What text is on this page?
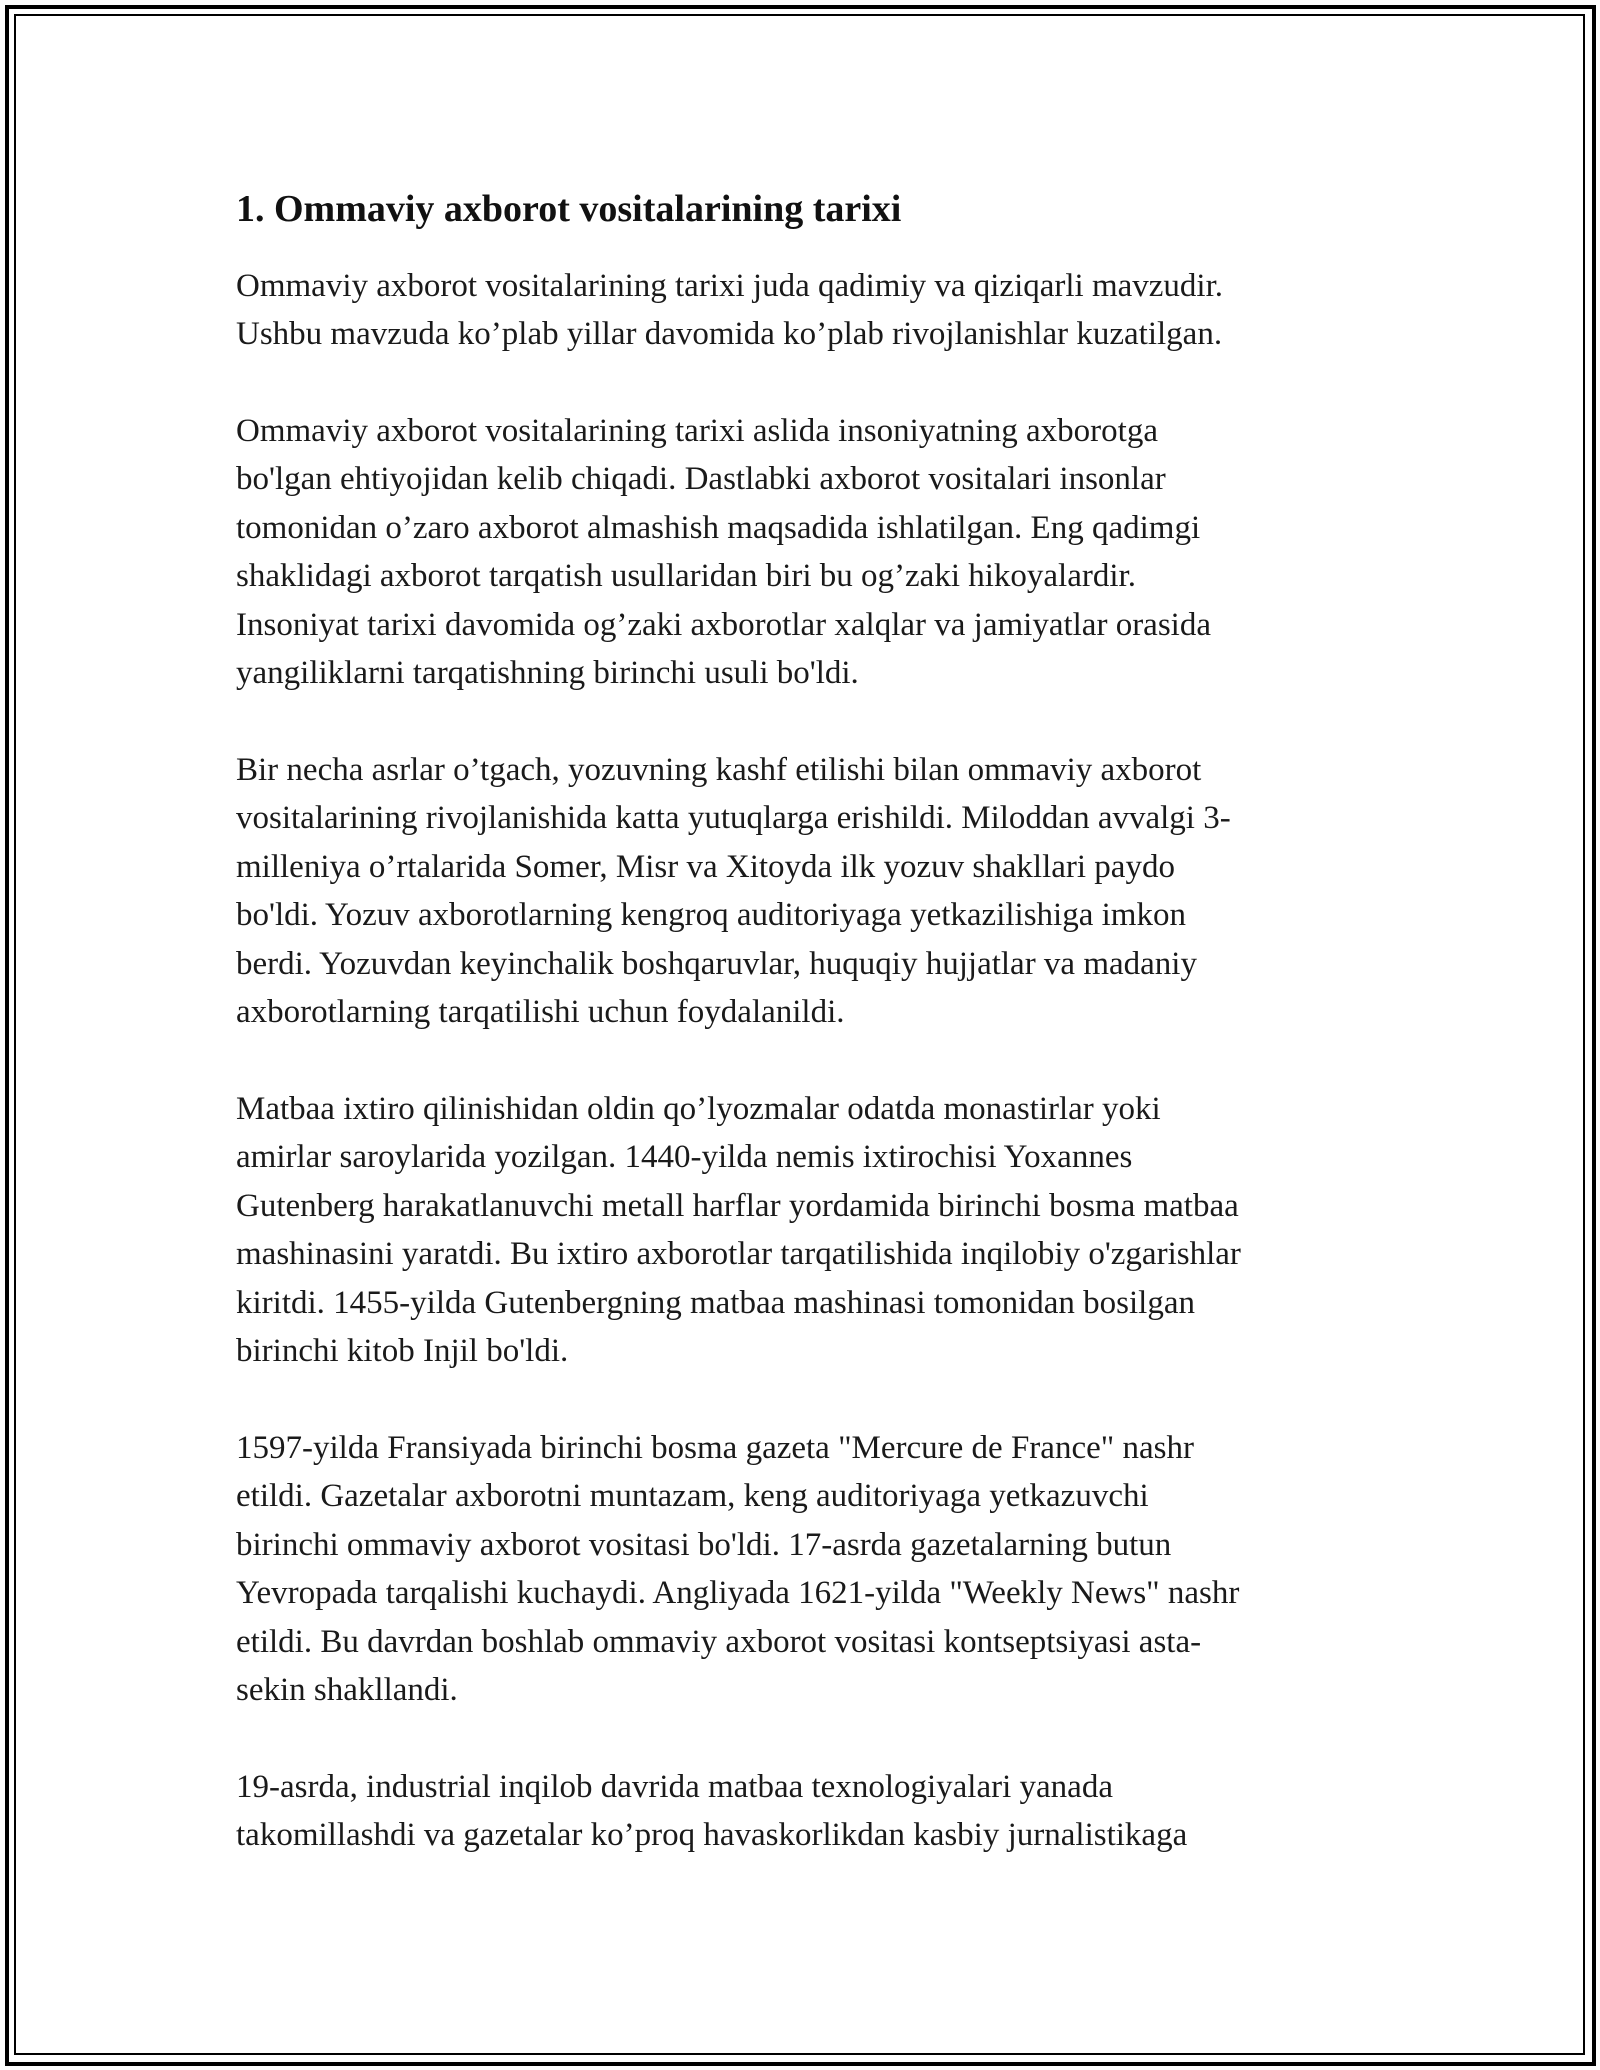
1. Ommaviy axborot vositalarining tarixi
Ommaviy axborot vositalarining tarixi juda qadimiy va qiziqarli mavzudir.
Ushbu mavzuda ko’plab yillar davomida ko’plab rivojlanishlar kuzatilgan.
Ommaviy axborot vositalarining tarixi aslida insoniyatning axborotga
bo'lgan ehtiyojidan kelib chiqadi. Dastlabki axborot vositalari insonlar
tomonidan o’zaro axborot almashish maqsadida ishlatilgan. Eng qadimgi
shaklidagi axborot tarqatish usullaridan biri bu og’zaki hikoyalardir.
Insoniyat tarixi davomida og’zaki axborotlar xalqlar va jamiyatlar orasida
yangiliklarni tarqatishning birinchi usuli bo'ldi.
Bir necha asrlar o’tgach, yozuvning kashf etilishi bilan ommaviy axborot
vositalarining rivojlanishida katta yutuqlarga erishildi. Miloddan avvalgi 3-
milleniya o’rtalarida Somer, Misr va Xitoyda ilk yozuv shakllari paydo
bo'ldi. Yozuv axborotlarning kengroq auditoriyaga yetkazilishiga imkon
berdi. Yozuvdan keyinchalik boshqaruvlar, huquqiy hujjatlar va madaniy
axborotlarning tarqatilishi uchun foydalanildi.
Matbaa ixtiro qilinishidan oldin qo’lyozmalar odatda monastirlar yoki
amirlar saroylarida yozilgan. 1440-yilda nemis ixtirochisi Yoxannes
Gutenberg harakatlanuvchi metall harflar yordamida birinchi bosma matbaa
mashinasini yaratdi. Bu ixtiro axborotlar tarqatilishida inqilobiy o'zgarishlar
kiritdi. 1455-yilda Gutenbergning matbaa mashinasi tomonidan bosilgan
birinchi kitob Injil bo'ldi.
1597-yilda Fransiyada birinchi bosma gazeta "Mercure de France" nashr
etildi. Gazetalar axborotni muntazam, keng auditoriyaga yetkazuvchi
birinchi ommaviy axborot vositasi bo'ldi. 17-asrda gazetalarning butun
Yevropada tarqalishi kuchaydi. Angliyada 1621-yilda "Weekly News" nashr
etildi. Bu davrdan boshlab ommaviy axborot vositasi kontseptsiyasi asta-
sekin shakllandi.
19-asrda, industrial inqilob davrida matbaa texnologiyalari yanada
takomillashdi va gazetalar ko’proq havaskorlikdan kasbiy jurnalistikaga
